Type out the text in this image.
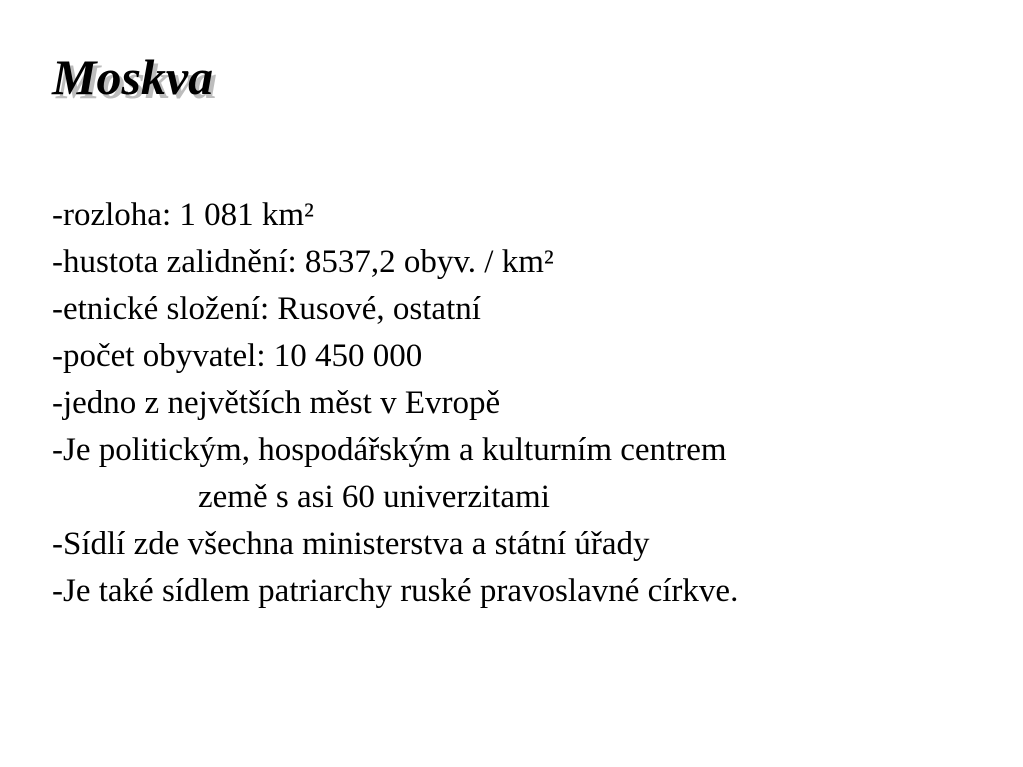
Moskva
-rozloha: 1 081 km²
-hustota zalidnění: 8537,2 obyv. / km²
-etnické složení: Rusové, ostatní
-počet obyvatel: 10 450 000
-jedno z největších měst v Evropě
-Je politickým, hospodářským a kulturním centrem
země s asi 60 univerzitami
-Sídlí zde všechna ministerstva a státní úřady
-Je také sídlem patriarchy ruské pravoslavné církve.
